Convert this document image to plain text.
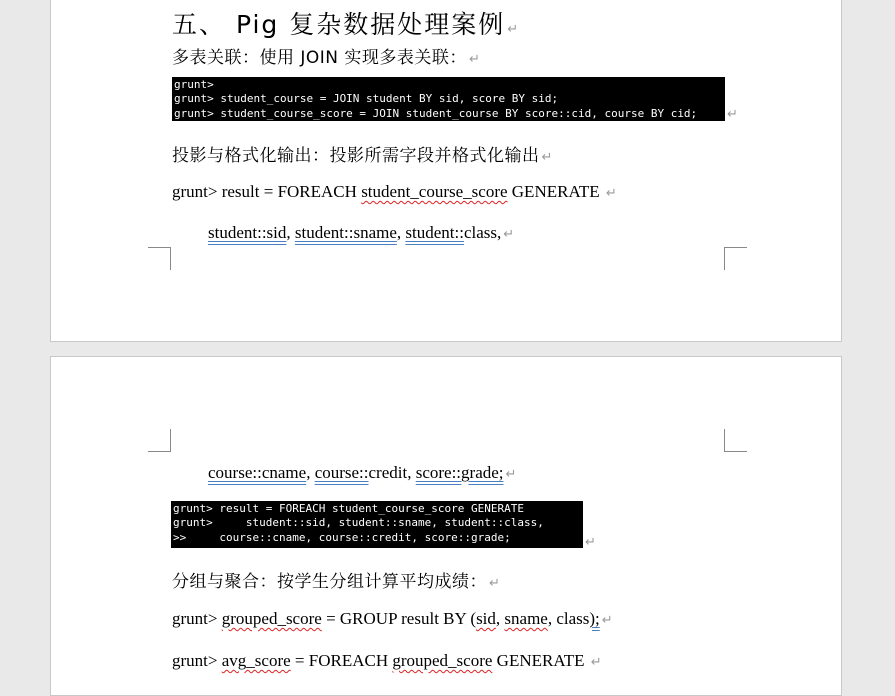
五、 Pig 复杂数据处理案例 ↵
多表关联：使用 JOIN 实现多表关联： ↵
grunt>
grunt> student_course = JOIN student BY sid, score BY sid;
grunt> student_course_score = JOIN student_course BY score::cid, course BY cid;	↵
投影与格式化输出：投影所需字段并格式化输出 ↵
grunt> result = FOREACH student_course_score GENERATE ↵
student::sid, student::sname, student::class, ↵
course::cname, course::credit, score::grade; ↵
grunt> result = FOREACH student_course_score GENERATE
grunt>     student::sid, student::sname, student::class,
>>     course::cname, course::credit, score::grade;	↵
分组与聚合：按学生分组计算平均成绩： ↵
grunt> grouped_score = GROUP result BY (sid, sname, class); ↵
grunt> avg_score = FOREACH grouped_score GENERATE ↵
